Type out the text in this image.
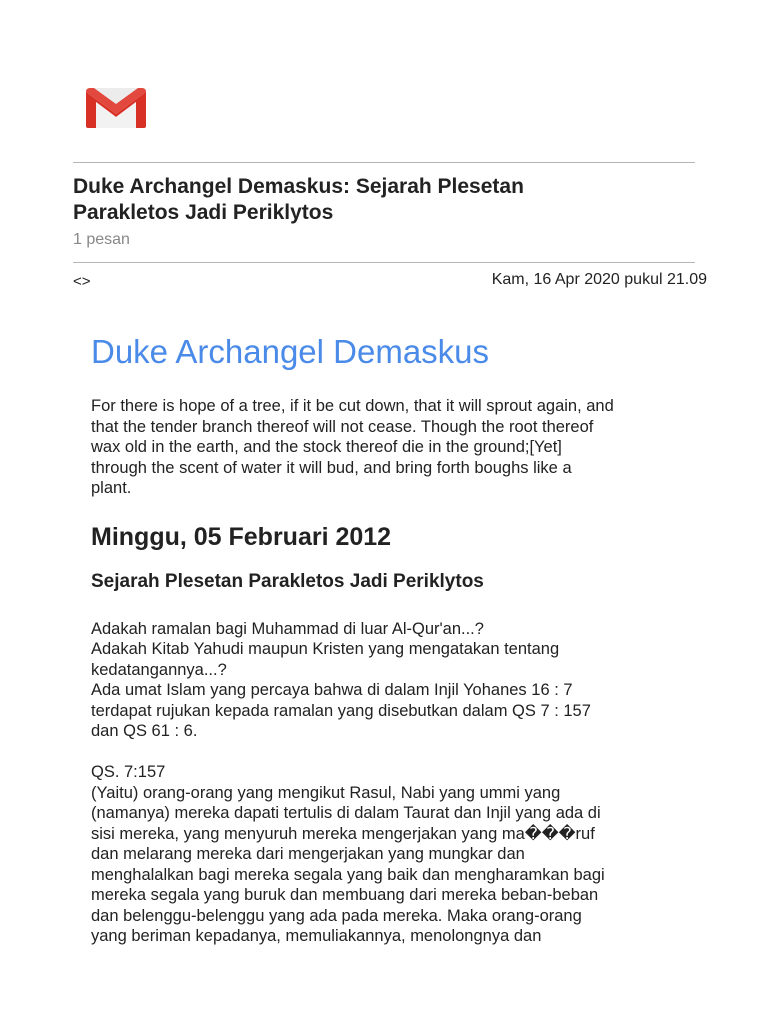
Duke Archangel Demaskus: Sejarah Plesetan
Parakletos Jadi Periklytos
1 pesan
<>	Kam, 16 Apr 2020 pukul 21.09
Duke Archangel Demaskus
For there is hope of a tree, if it be cut down, that it will sprout again, and
that the tender branch thereof will not cease. Though the root thereof
wax old in the earth, and the stock thereof die in the ground;[Yet]
through the scent of water it will bud, and bring forth boughs like a
plant.
Minggu, 05 Februari 2012
Sejarah Plesetan Parakletos Jadi Periklytos
Adakah ramalan bagi Muhammad di luar Al-Qur'an...?
Adakah Kitab Yahudi maupun Kristen yang mengatakan tentang
kedatangannya...?
Ada umat Islam yang percaya bahwa di dalam Injil Yohanes 16 : 7
terdapat rujukan kepada ramalan yang disebutkan dalam QS 7 : 157
dan QS 61 : 6.
QS. 7:157
(Yaitu) orang-orang yang mengikut Rasul, Nabi yang ummi yang
(namanya) mereka dapati tertulis di dalam Taurat dan Injil yang ada di
sisi mereka, yang menyuruh mereka mengerjakan yang ma���ruf
dan melarang mereka dari mengerjakan yang mungkar dan
menghalalkan bagi mereka segala yang baik dan mengharamkan bagi
mereka segala yang buruk dan membuang dari mereka beban-beban
dan belenggu-belenggu yang ada pada mereka. Maka orang-orang
yang beriman kepadanya, memuliakannya, menolongnya dan
